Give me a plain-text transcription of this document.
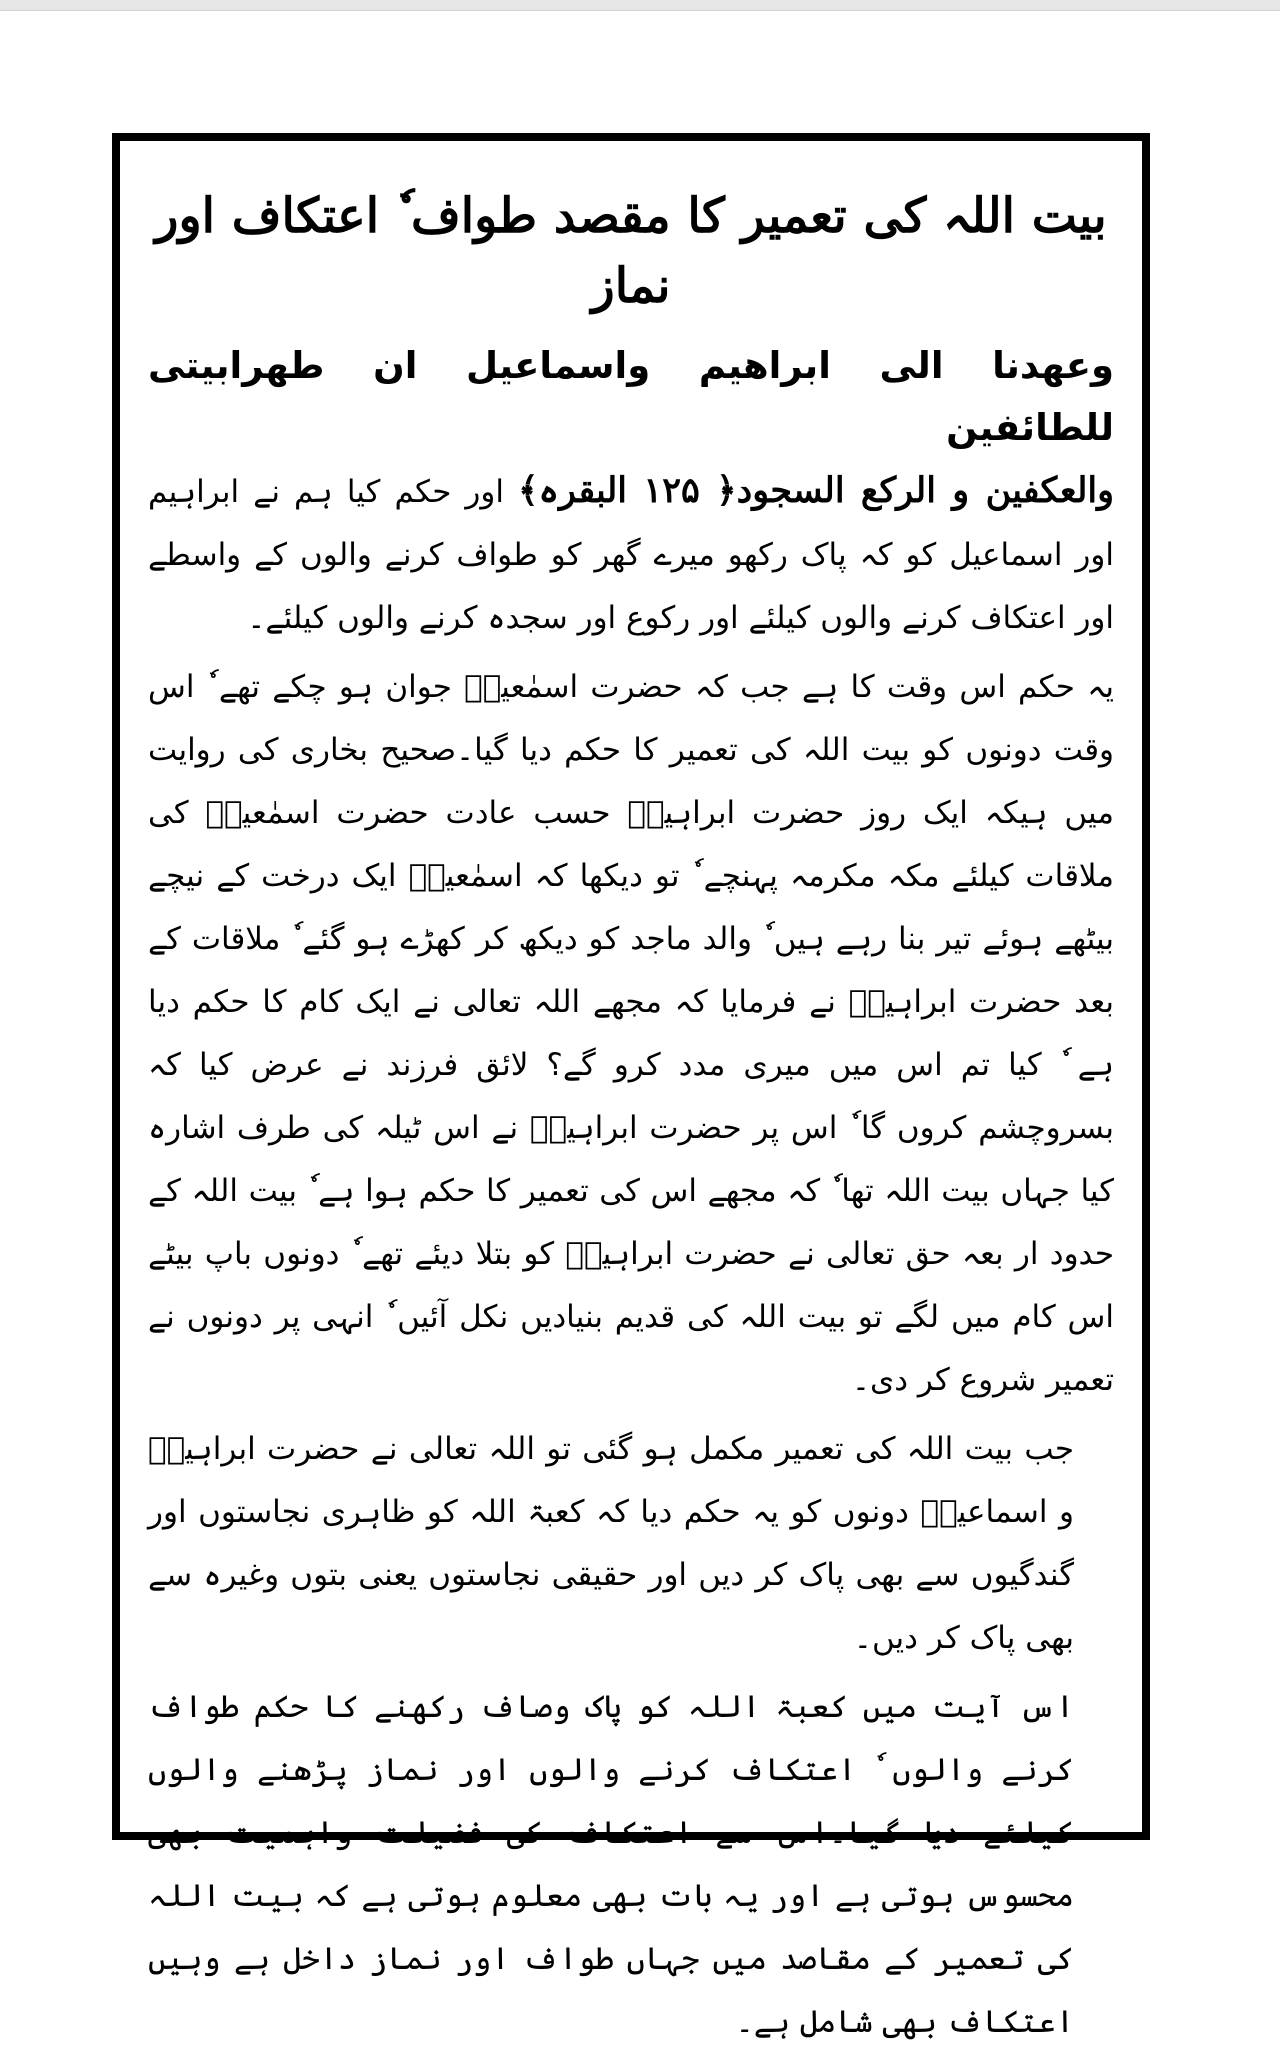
بیت اللہ کی تعمیر کا مقصد طواف ٗ اعتکاف اور نماز

وعھدنا الی ابراھیم واسماعیل ان طھرابیتی للطائفین

والعکفین و الرکع السجود﴿ ۱۲۵ البقرہ﴾ اور حکم کیا ہم نے ابراہیم اور اسماعیل کو کہ پاک رکھو میرے گھر کو طواف کرنے والوں کے واسطے اور اعتکاف کرنے والوں کیلئے اور رکوع اور سجدہ کرنے والوں کیلئے۔

یہ حکم اس وقت کا ہے جب کہ حضرت اسمٰعیلؑ جوان ہو چکے تھے ٗ اس وقت دونوں کو بیت اللہ کی تعمیر کا حکم دیا گیا۔صحیح بخاری کی روایت میں ہیکہ ایک روز حضرت ابراہیمؑ حسب عادت حضرت اسمٰعیلؑ کی ملاقات کیلئے مکہ مکرمہ پہنچے ٗ تو دیکھا کہ اسمٰعیلؑ ایک درخت کے نیچے بیٹھے ہوئے تیر بنا رہے ہیں ٗ والد ماجد کو دیکھ کر کھڑے ہو گئے ٗ ملاقات کے بعد حضرت ابراہیمؑ نے فرمایا کہ مجھے اللہ تعالی نے ایک کام کا حکم دیا ہے ٗ کیا تم اس میں میری مدد کرو گے؟ لائق فرزند نے عرض کیا کہ بسروچشم کروں گا ٗ اس پر حضرت ابراہیمؑ نے اس ٹیلہ کی طرف اشارہ کیا جہاں بیت اللہ تھا ٗ کہ مجھے اس کی تعمیر کا حکم ہوا ہے ٗ بیت اللہ کے حدود ار بعہ حق تعالی نے حضرت ابراہیمؑ کو بتلا دیئے تھے ٗ دونوں باپ بیٹے اس کام میں لگے تو بیت اللہ کی قدیم بنیادیں نکل آئیں ٗ انہی پر دونوں نے تعمیر شروع کر دی۔

جب بیت اللہ کی تعمیر مکمل ہو گئی تو اللہ تعالی نے حضرت ابراہیمؑ و اسماعیلؑ دونوں کو یہ حکم دیا کہ کعبۃ اللہ کو ظاہری نجاستوں اور گندگیوں سے بھی پاک کر دیں اور حقیقی نجاستوں یعنی بتوں وغیرہ سے بھی پاک کر دیں۔

اس آیت میں کعبۃ اللہ کو پاک وصاف رکھنے کا حکم طواف کرنے والوں ٗ اعتکاف کرنے والوں اور نماز پڑھنے والوں کیلئے دیا گیا۔اس سے اعتکاف کی فضیلت واہمیت بھی محسوس ہوتی ہے اور یہ بات بھی معلوم ہوتی ہے کہ بیت اللہ کی تعمیر کے مقاصد میں جہاں طواف اور نماز داخل ہے وہیں اعتکاف بھی شامل ہے۔
